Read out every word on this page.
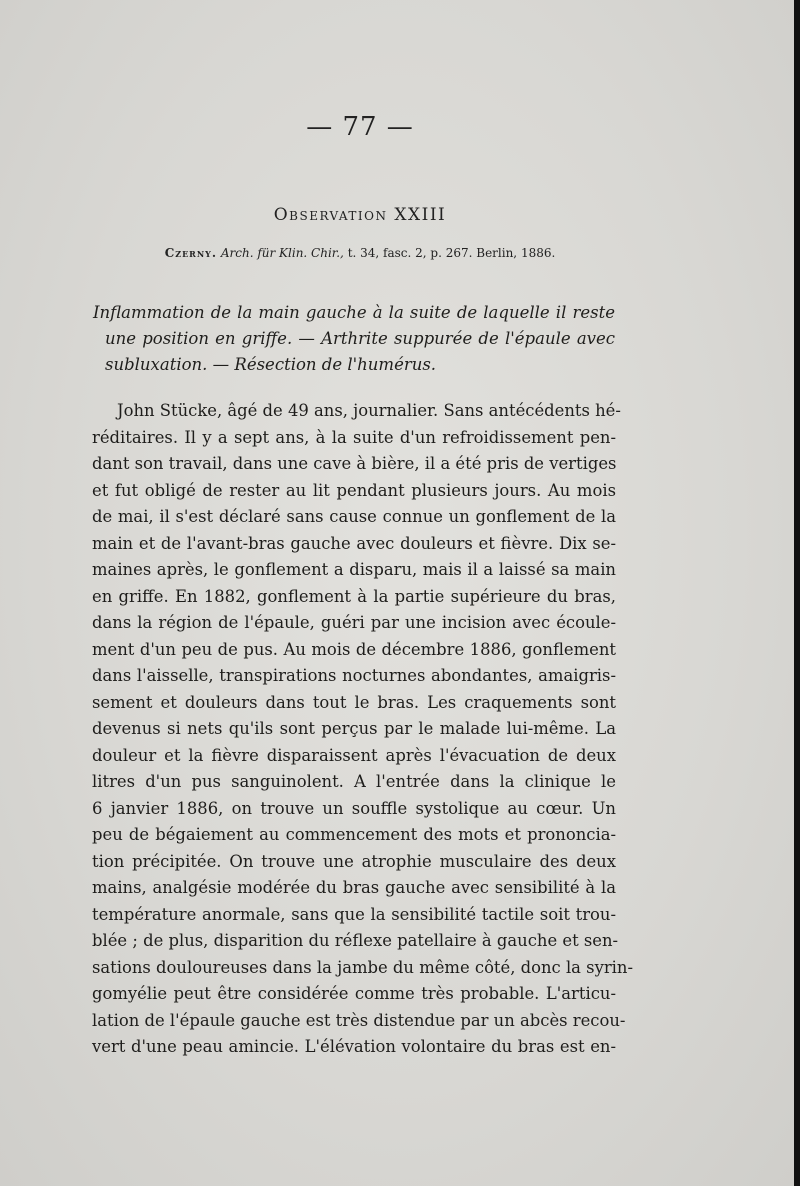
— 77 —
Observation XXIII
Czerny. Arch. für Klin. Chir., t. 34, fasc. 2, p. 267. Berlin, 1886.
Inflammation de la main gauche à la suite de laquelle il reste
une position en griffe. — Arthrite suppurée de l'épaule avec
subluxation. — Résection de l'humérus.
John Stücke, âgé de 49 ans, journalier. Sans antécédents hé-
réditaires. Il y a sept ans, à la suite d'un refroidissement pen-
dant son travail, dans une cave à bière, il a été pris de vertiges
et fut obligé de rester au lit pendant plusieurs jours. Au mois
de mai, il s'est déclaré sans cause connue un gonflement de la
main et de l'avant-bras gauche avec douleurs et fièvre. Dix se-
maines après, le gonflement a disparu, mais il a laissé sa main
en griffe. En 1882, gonflement à la partie supérieure du bras,
dans la région de l'épaule, guéri par une incision avec écoule-
ment d'un peu de pus. Au mois de décembre 1886, gonflement
dans l'aisselle, transpirations nocturnes abondantes, amaigris-
sement et douleurs dans tout le bras. Les craquements sont
devenus si nets qu'ils sont perçus par le malade lui-même. La
douleur et la fièvre disparaissent après l'évacuation de deux
litres d'un pus sanguinolent. A l'entrée dans la clinique le
6 janvier 1886, on trouve un souffle systolique au cœur. Un
peu de bégaiement au commencement des mots et prononcia-
tion précipitée. On trouve une atrophie musculaire des deux
mains, analgésie modérée du bras gauche avec sensibilité à la
température anormale, sans que la sensibilité tactile soit trou-
blée ; de plus, disparition du réflexe patellaire à gauche et sen-
sations douloureuses dans la jambe du même côté, donc la syrin-
gomyélie peut être considérée comme très probable. L'articu-
lation de l'épaule gauche est très distendue par un abcès recou-
vert d'une peau amincie. L'élévation volontaire du bras est en-
